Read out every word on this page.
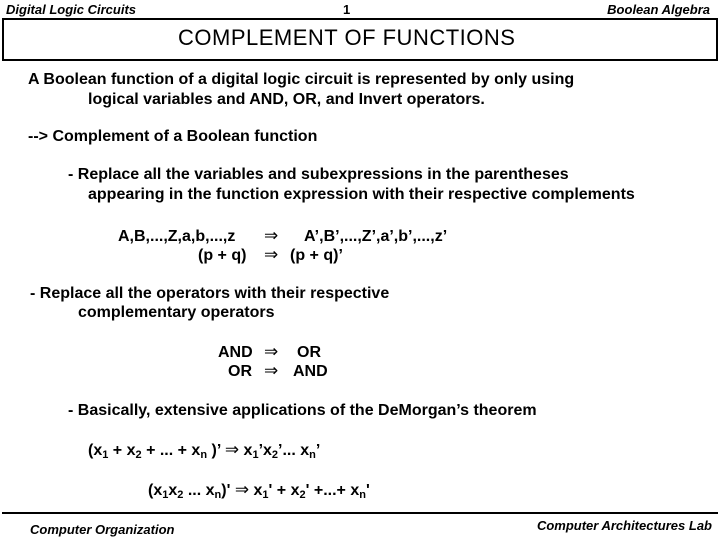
Digital Logic Circuits	1	Boolean Algebra
COMPLEMENT OF FUNCTIONS
A Boolean function of a digital logic circuit is represented by only using
logical variables and AND, OR, and Invert operators.
--> Complement of a Boolean function
- Replace all the variables and subexpressions in the parentheses
appearing in the function expression with their respective complements
A,B,...,Z,a,b,...,z ⇒ A’,B’,...,Z’,a’,b’,...,z’
(p + q) ⇒ (p + q)’
- Replace all the operators with their respective
complementary operators
AND ⇒ OR
OR ⇒ AND
- Basically, extensive applications of the DeMorgan’s theorem
($x_1 + x_2$ + ... + $x_n$ )’ ⇒ $x_1’x_2$’... $x_n$’
($x_1x_2$ ... $x_n)'$ ⇒ $x_1' + x_2'$ +...+ $x_n'$
Computer Organization	Computer Architectures Lab
